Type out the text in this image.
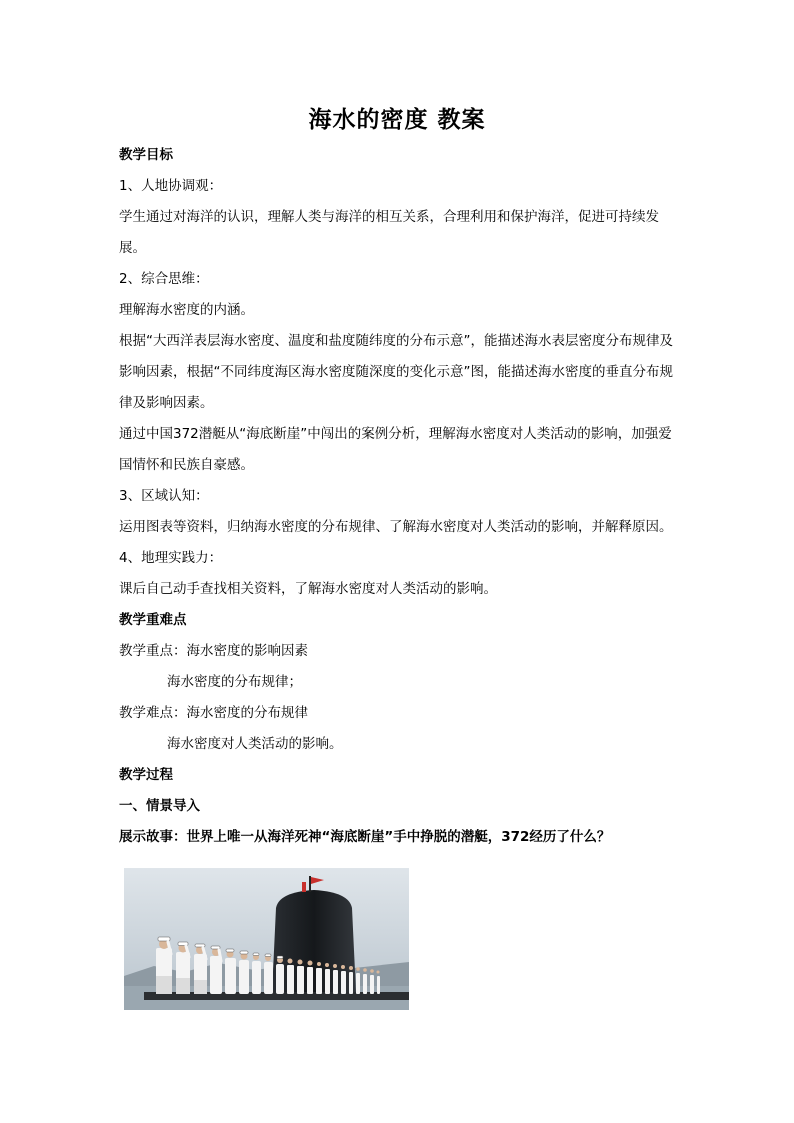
海水的密度 教案

教学目标

1、人地协调观：

学生通过对海洋的认识，理解人类与海洋的相互关系，合理利用和保护海洋，促进可持续发展。

2、综合思维：

理解海水密度的内涵。

根据“大西洋表层海水密度、温度和盐度随纬度的分布示意”，能描述海水表层密度分布规律及影响因素，根据“不同纬度海区海水密度随深度的变化示意”图，能描述海水密度的垂直分布规律及影响因素。

通过中国372潜艇从“海底断崖”中闯出的案例分析，理解海水密度对人类活动的影响，加强爱国情怀和民族自豪感。

3、区域认知：

运用图表等资料，归纳海水密度的分布规律、了解海水密度对人类活动的影响，并解释原因。

4、地理实践力：

课后自己动手查找相关资料，了解海水密度对人类活动的影响。

教学重难点

教学重点：海水密度的影响因素

海水密度的分布规律；

教学难点：海水密度的分布规律

海水密度对人类活动的影响。

教学过程

一、情景导入

展示故事：世界上唯一从海洋死神“海底断崖”手中挣脱的潜艇，372经历了什么？
